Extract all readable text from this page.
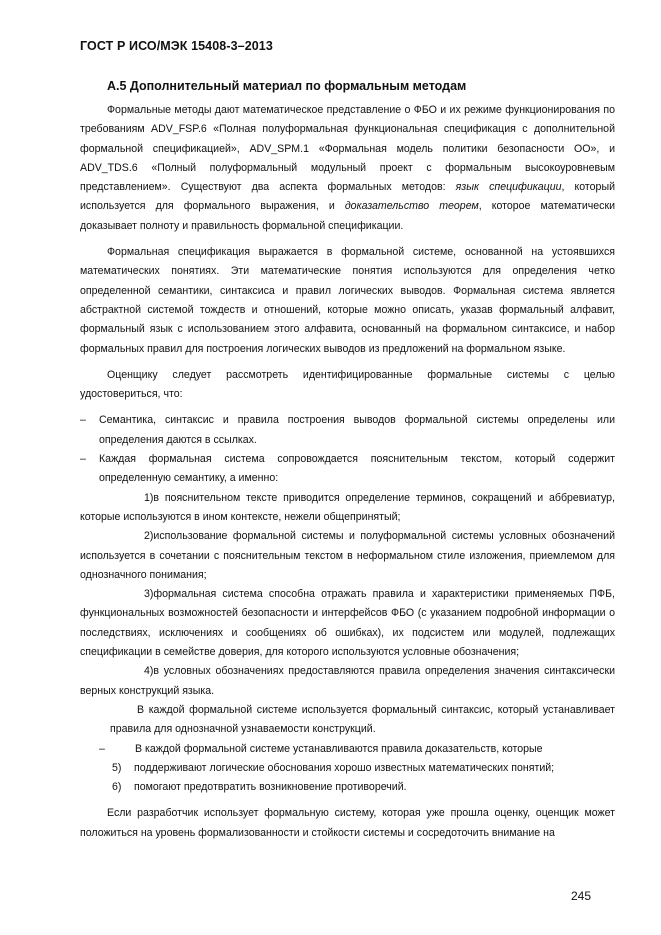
ГОСТ Р ИСО/МЭК 15408-3–2013
А.5 Дополнительный материал по формальным методам

Формальные методы дают математическое представление о ФБО и их режиме функционирования по требованиям ADV_FSP.6 «Полная полуформальная функциональная спецификация с дополнительной формальной спецификацией», ADV_SPM.1 «Формальная модель политики безопасности ОО», и ADV_TDS.6 «Полный полуформальный модульный проект с формальным высокоуровневым представлением». Существуют два аспекта формальных методов: язык спецификации, который используется для формального выражения, и доказательство теорем, которое математически доказывает полноту и правильность формальной спецификации.

Формальная спецификация выражается в формальной системе, основанной на устоявшихся математических понятиях. Эти математические понятия используются для определения четко определенной семантики, синтаксиса и правил логических выводов. Формальная система является абстрактной системой тождеств и отношений, которые можно описать, указав формальный алфавит, формальный язык с использованием этого алфавита, основанный на формальном синтаксисе, и набор формальных правил для построения логических выводов из предложений на формальном языке.

Оценщику следует рассмотреть идентифицированные формальные системы с целью удостовериться, что:

– Семантика, синтаксис и правила построения выводов формальной системы определены или определения даются в ссылках.

– Каждая формальная система сопровождается пояснительным текстом, который содержит определенную семантику, а именно:

1)в пояснительном тексте приводится определение терминов, сокращений и аббревиатур, которые используются в ином контексте, нежели общепринятый;

2)использование формальной системы и полуформальной системы условных обозначений используется в сочетании с пояснительным текстом в неформальном стиле изложения, приемлемом для однозначного понимания;

3)формальная система способна отражать правила и характеристики применяемых ПФБ, функциональных возможностей безопасности и интерфейсов ФБО (с указанием подробной информации о последствиях, исключениях и сообщениях об ошибках), их подсистем или модулей, подлежащих спецификации в семействе доверия, для которого используются условные обозначения;

4)в условных обозначениях предоставляются правила определения значения синтаксически верных конструкций языка.

В каждой формальной системе используется формальный синтаксис, который устанавливает правила для однозначной узнаваемости конструкций.

–	В каждой формальной системе устанавливаются правила доказательств, которые

5) поддерживают логические обоснования хорошо известных математических понятий;

6) помогают предотвратить возникновение противоречий.

Если разработчик использует формальную систему, которая уже прошла оценку, оценщик может положиться на уровень формализованности и стойкости системы и сосредоточить внимание на

245
